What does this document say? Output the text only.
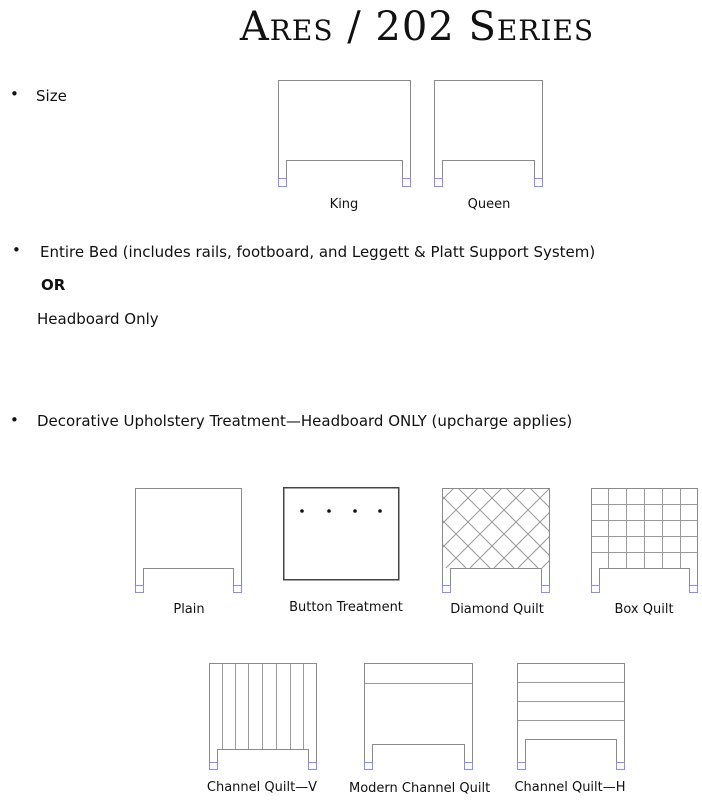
Ares / 202 Series
• Size
King	Queen
• Entire Bed (includes rails, footboard, and Leggett & Platt Support System)
OR
Headboard Only
• Decorative Upholstery Treatment—Headboard ONLY (upcharge applies)
Plain	Button Treatment	Diamond Quilt	Box Quilt
Channel Quilt—V	Modern Channel Quilt	Channel Quilt—H
